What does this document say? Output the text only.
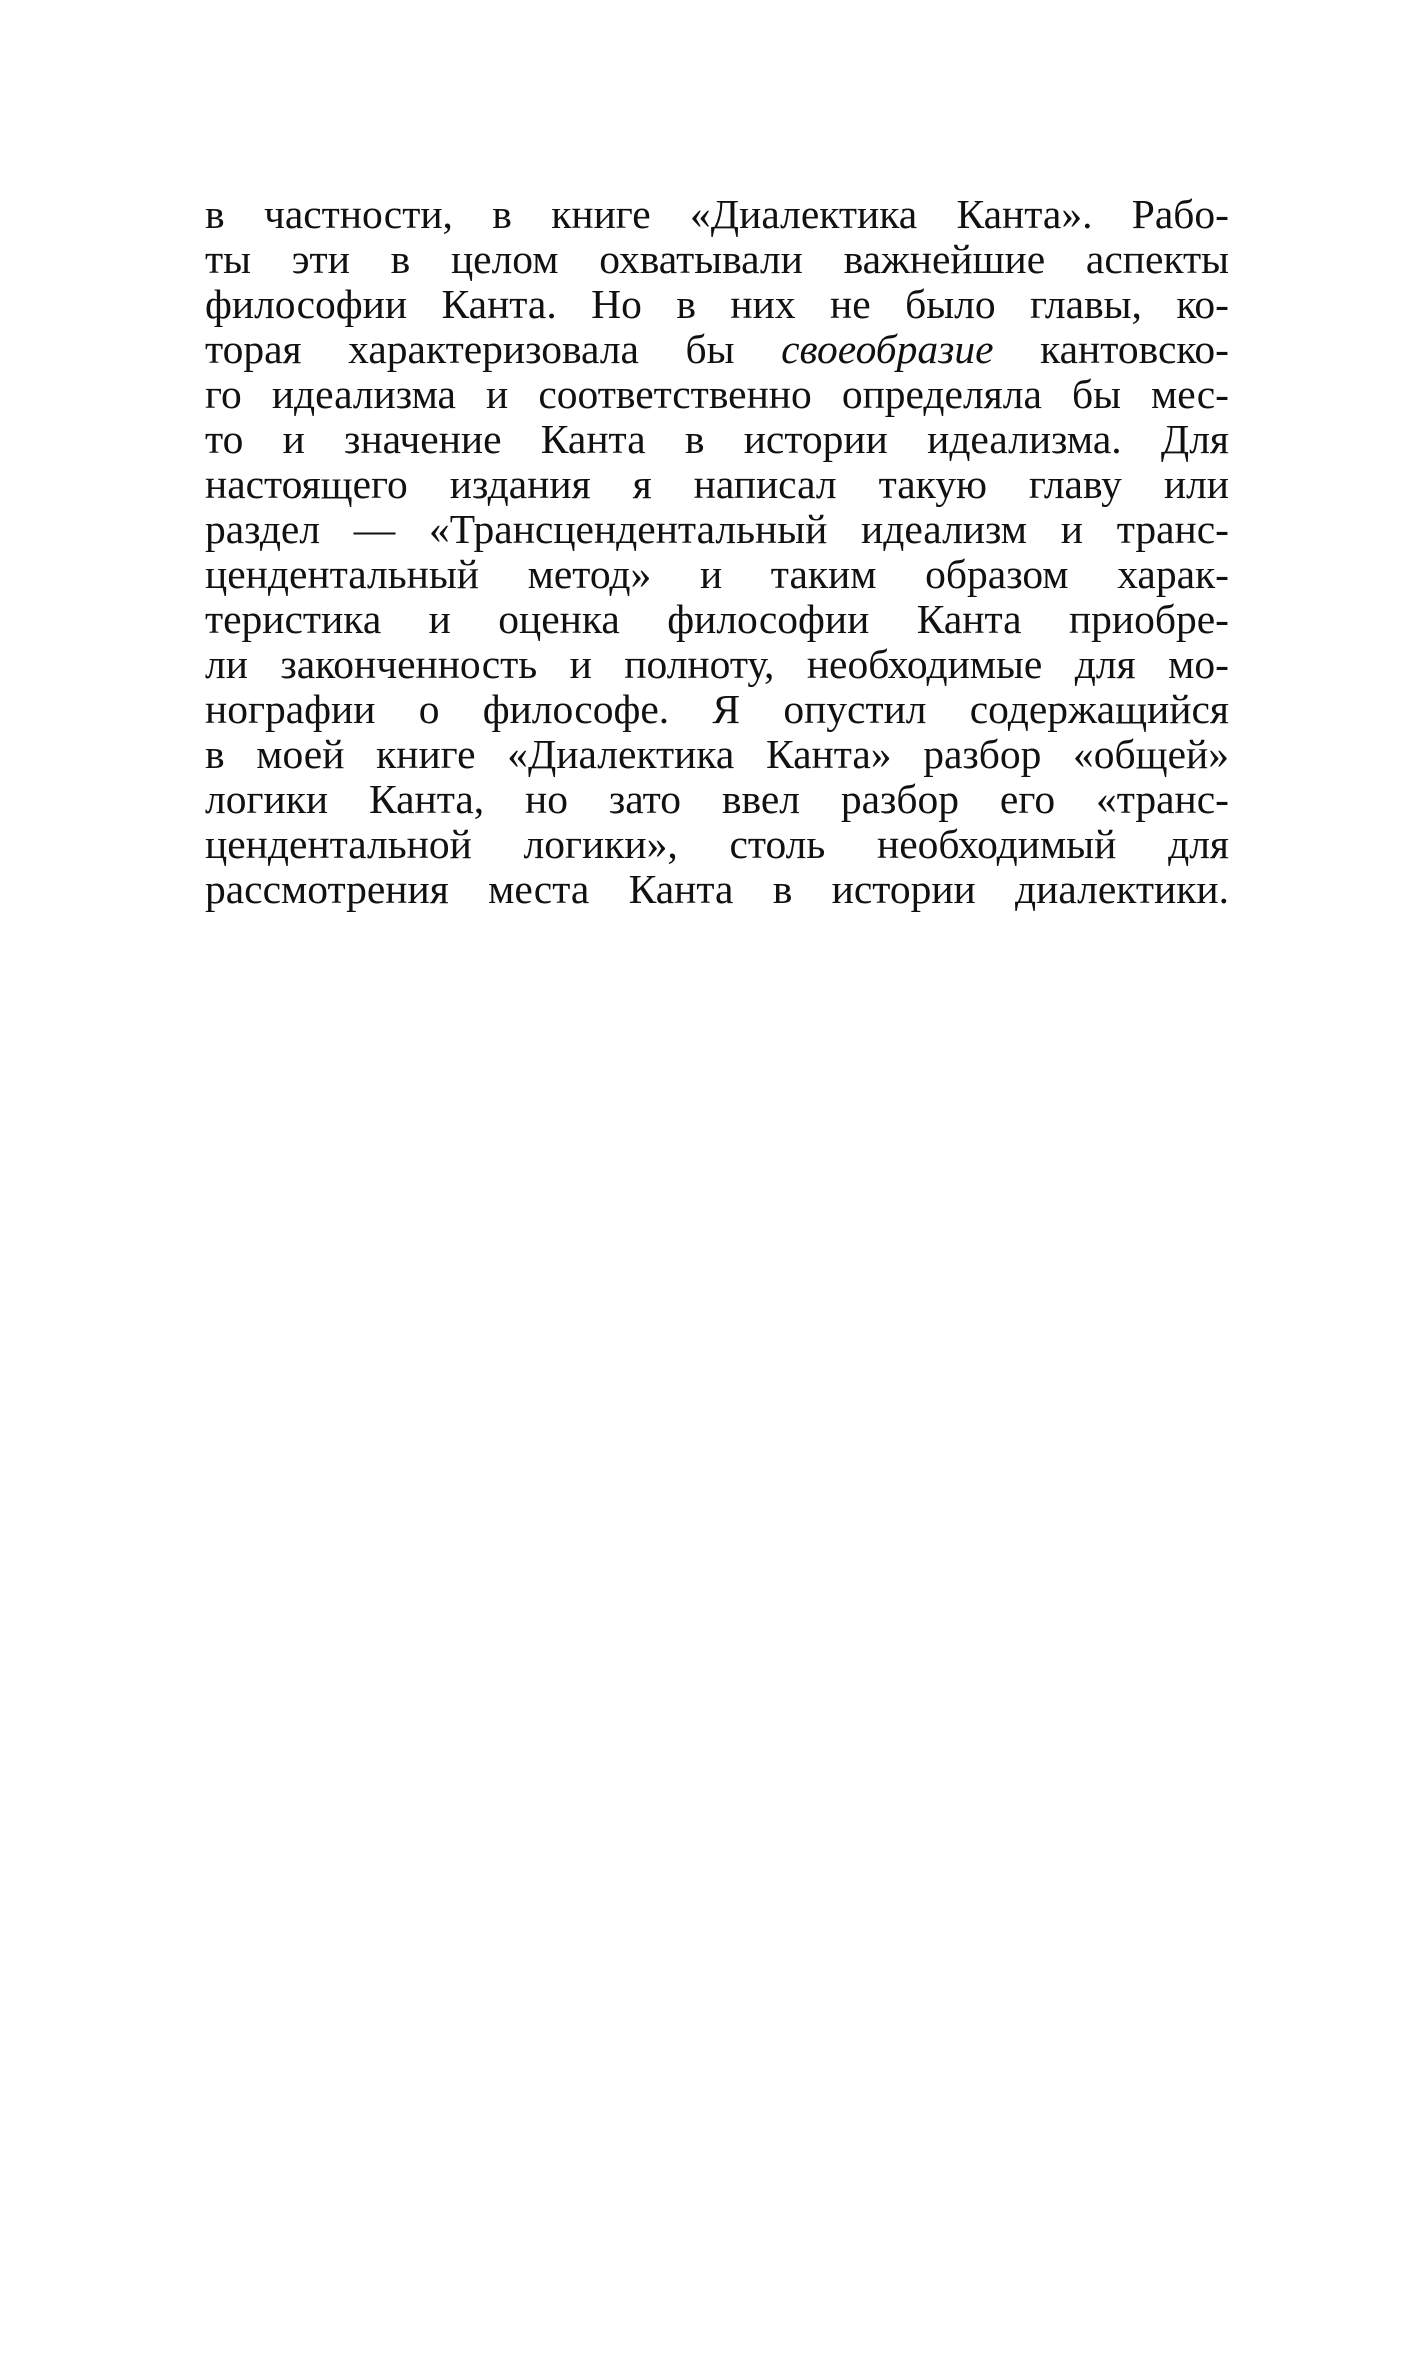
в частности, в книге «Диалектика Канта». Рабо-
ты эти в целом охватывали важнейшие аспекты
философии Канта. Но в них не было главы, ко-
торая характеризовала бы своеобразие кантовско-
го идеализма и соответственно определяла бы мес-
то и значение Канта в истории идеализма. Для
настоящего издания я написал такую главу или
раздел — «Трансцендентальный идеализм и транс-
цендентальный метод» и таким образом харак-
теристика и оценка философии Канта приобре-
ли законченность и полноту, необходимые для мо-
нографии о философе. Я опустил содержащийся
в моей книге «Диалектика Канта» разбор «общей»
логики Канта, но зато ввел разбор его «транс-
цендентальной логики», столь необходимый для
рассмотрения места Канта в истории диалектики.
